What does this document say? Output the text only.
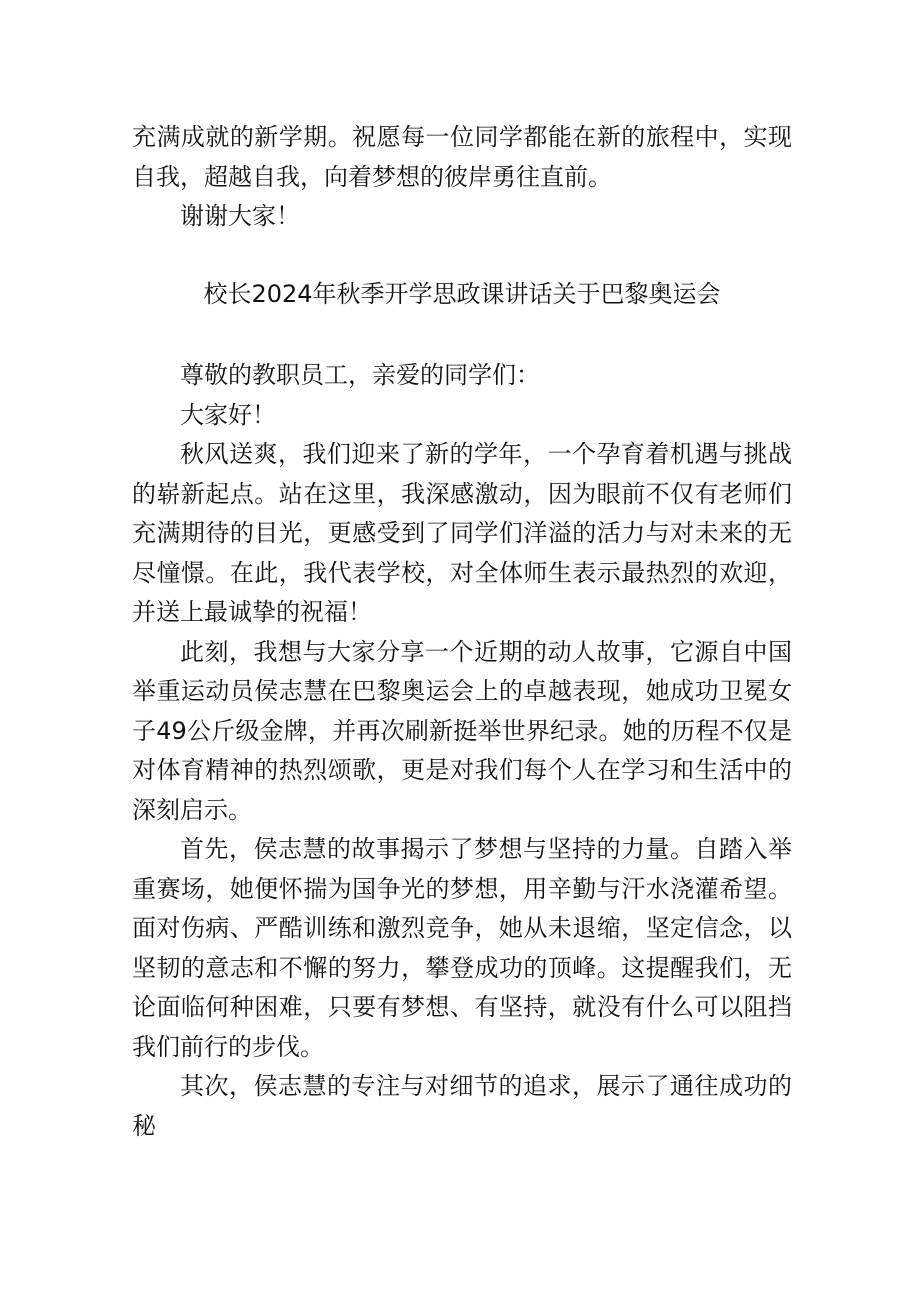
充满成就的新学期。祝愿每一位同学都能在新的旅程中，实现自我，超越自我，向着梦想的彼岸勇往直前。

谢谢大家！

校长2024年秋季开学思政课讲话关于巴黎奥运会

尊敬的教职员工，亲爱的同学们：

大家好！

秋风送爽，我们迎来了新的学年，一个孕育着机遇与挑战的崭新起点。站在这里，我深感激动，因为眼前不仅有老师们充满期待的目光，更感受到了同学们洋溢的活力与对未来的无尽憧憬。在此，我代表学校，对全体师生表示最热烈的欢迎，并送上最诚挚的祝福！

此刻，我想与大家分享一个近期的动人故事，它源自中国举重运动员侯志慧在巴黎奥运会上的卓越表现，她成功卫冕女子49公斤级金牌，并再次刷新挺举世界纪录。她的历程不仅是对体育精神的热烈颂歌，更是对我们每个人在学习和生活中的深刻启示。

首先，侯志慧的故事揭示了梦想与坚持的力量。自踏入举重赛场，她便怀揣为国争光的梦想，用辛勤与汗水浇灌希望。面对伤病、严酷训练和激烈竞争，她从未退缩，坚定信念，以坚韧的意志和不懈的努力，攀登成功的顶峰。这提醒我们，无论面临何种困难，只要有梦想、有坚持，就没有什么可以阻挡我们前行的步伐。

其次，侯志慧的专注与对细节的追求，展示了通往成功的秘
